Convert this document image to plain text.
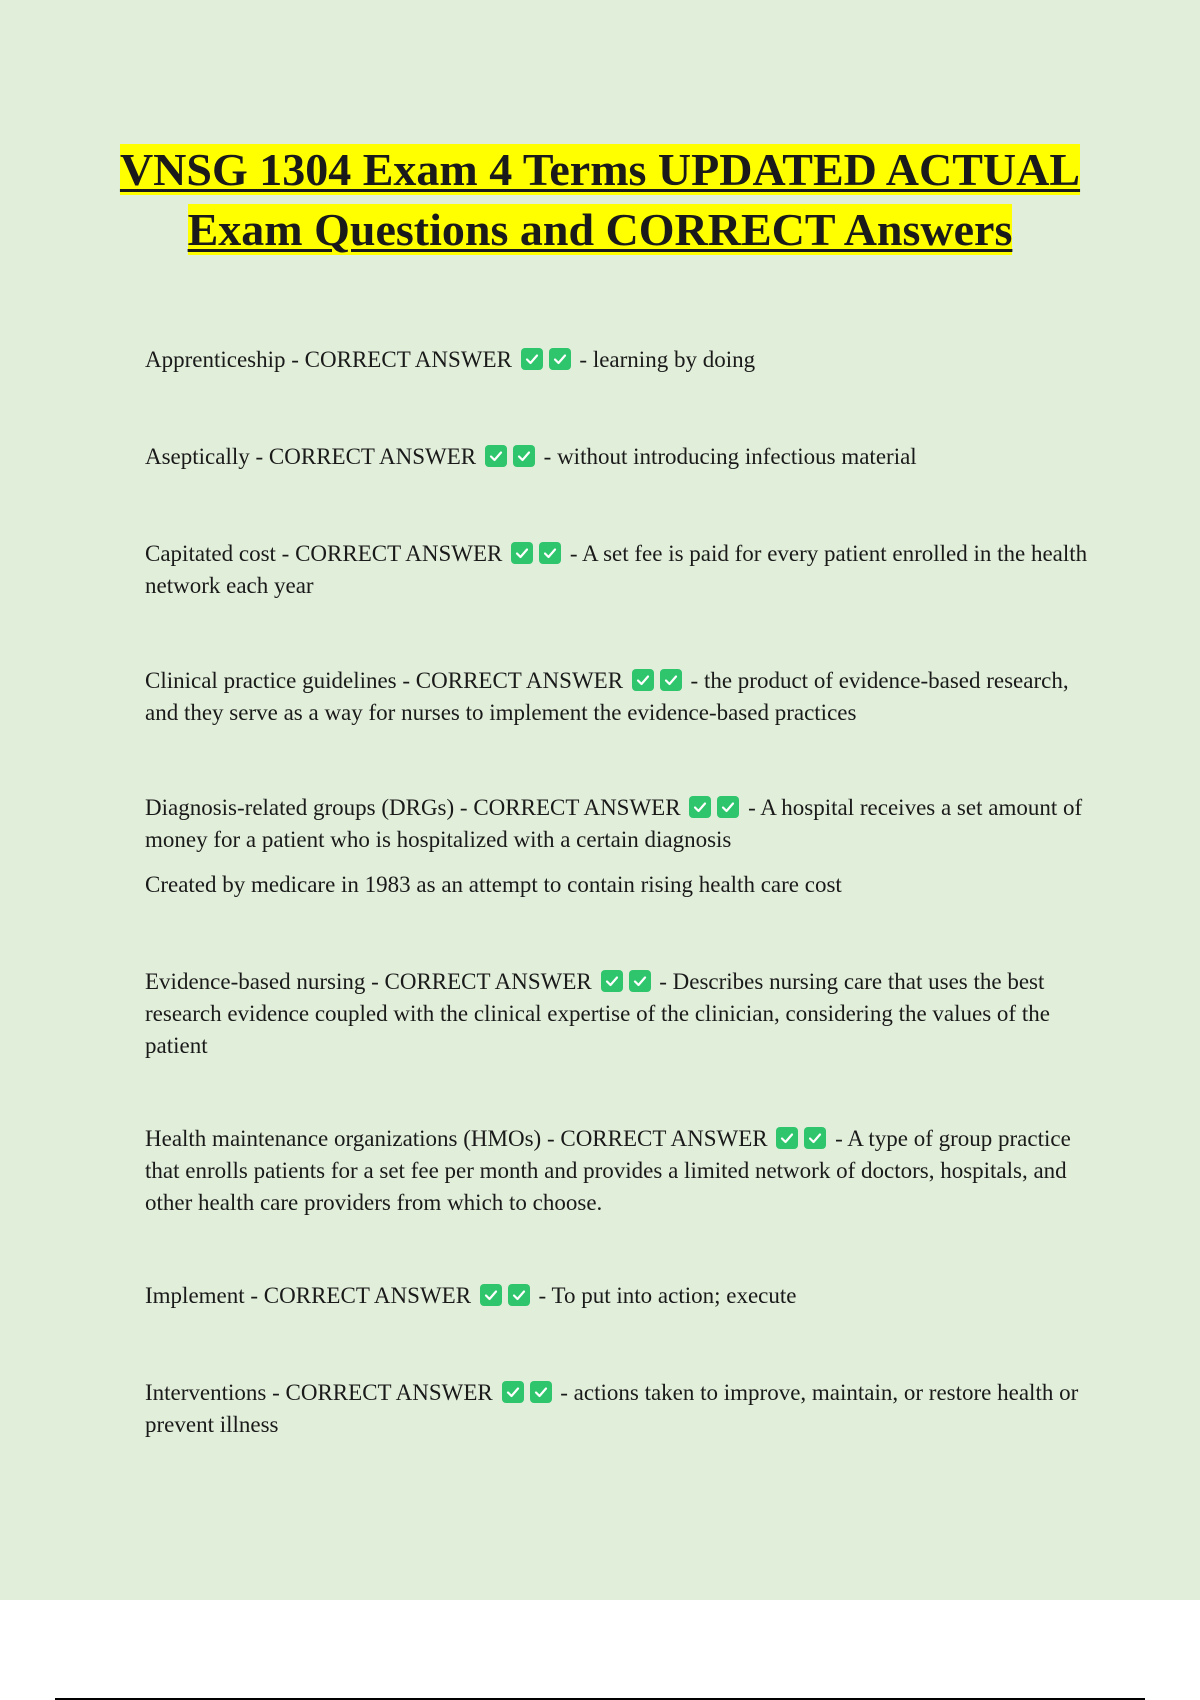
VNSG 1304 Exam 4 Terms UPDATED ACTUAL Exam Questions and CORRECT Answers

Apprenticeship - CORRECT ANSWER
- learning by doing

Aseptically - CORRECT ANSWER
- without introducing infectious material

Capitated cost - CORRECT ANSWER
- A set fee is paid for every patient enrolled in the health network each year

Clinical practice guidelines - CORRECT ANSWER
- the product of evidence-based research, and they serve as a way for nurses to implement the evidence-based practices

Diagnosis-related groups (DRGs) - CORRECT ANSWER
- A hospital receives a set amount of money for a patient who is hospitalized with a certain diagnosis

Created by medicare in 1983 as an attempt to contain rising health care cost

Evidence-based nursing - CORRECT ANSWER
- Describes nursing care that uses the best research evidence coupled with the clinical expertise of the clinician, considering the values of the patient

Health maintenance organizations (HMOs) - CORRECT ANSWER
- A type of group practice that enrolls patients for a set fee per month and provides a limited network of doctors, hospitals, and other health care providers from which to choose.

Implement - CORRECT ANSWER
- To put into action; execute

Interventions - CORRECT ANSWER
- actions taken to improve, maintain, or restore health or prevent illness
